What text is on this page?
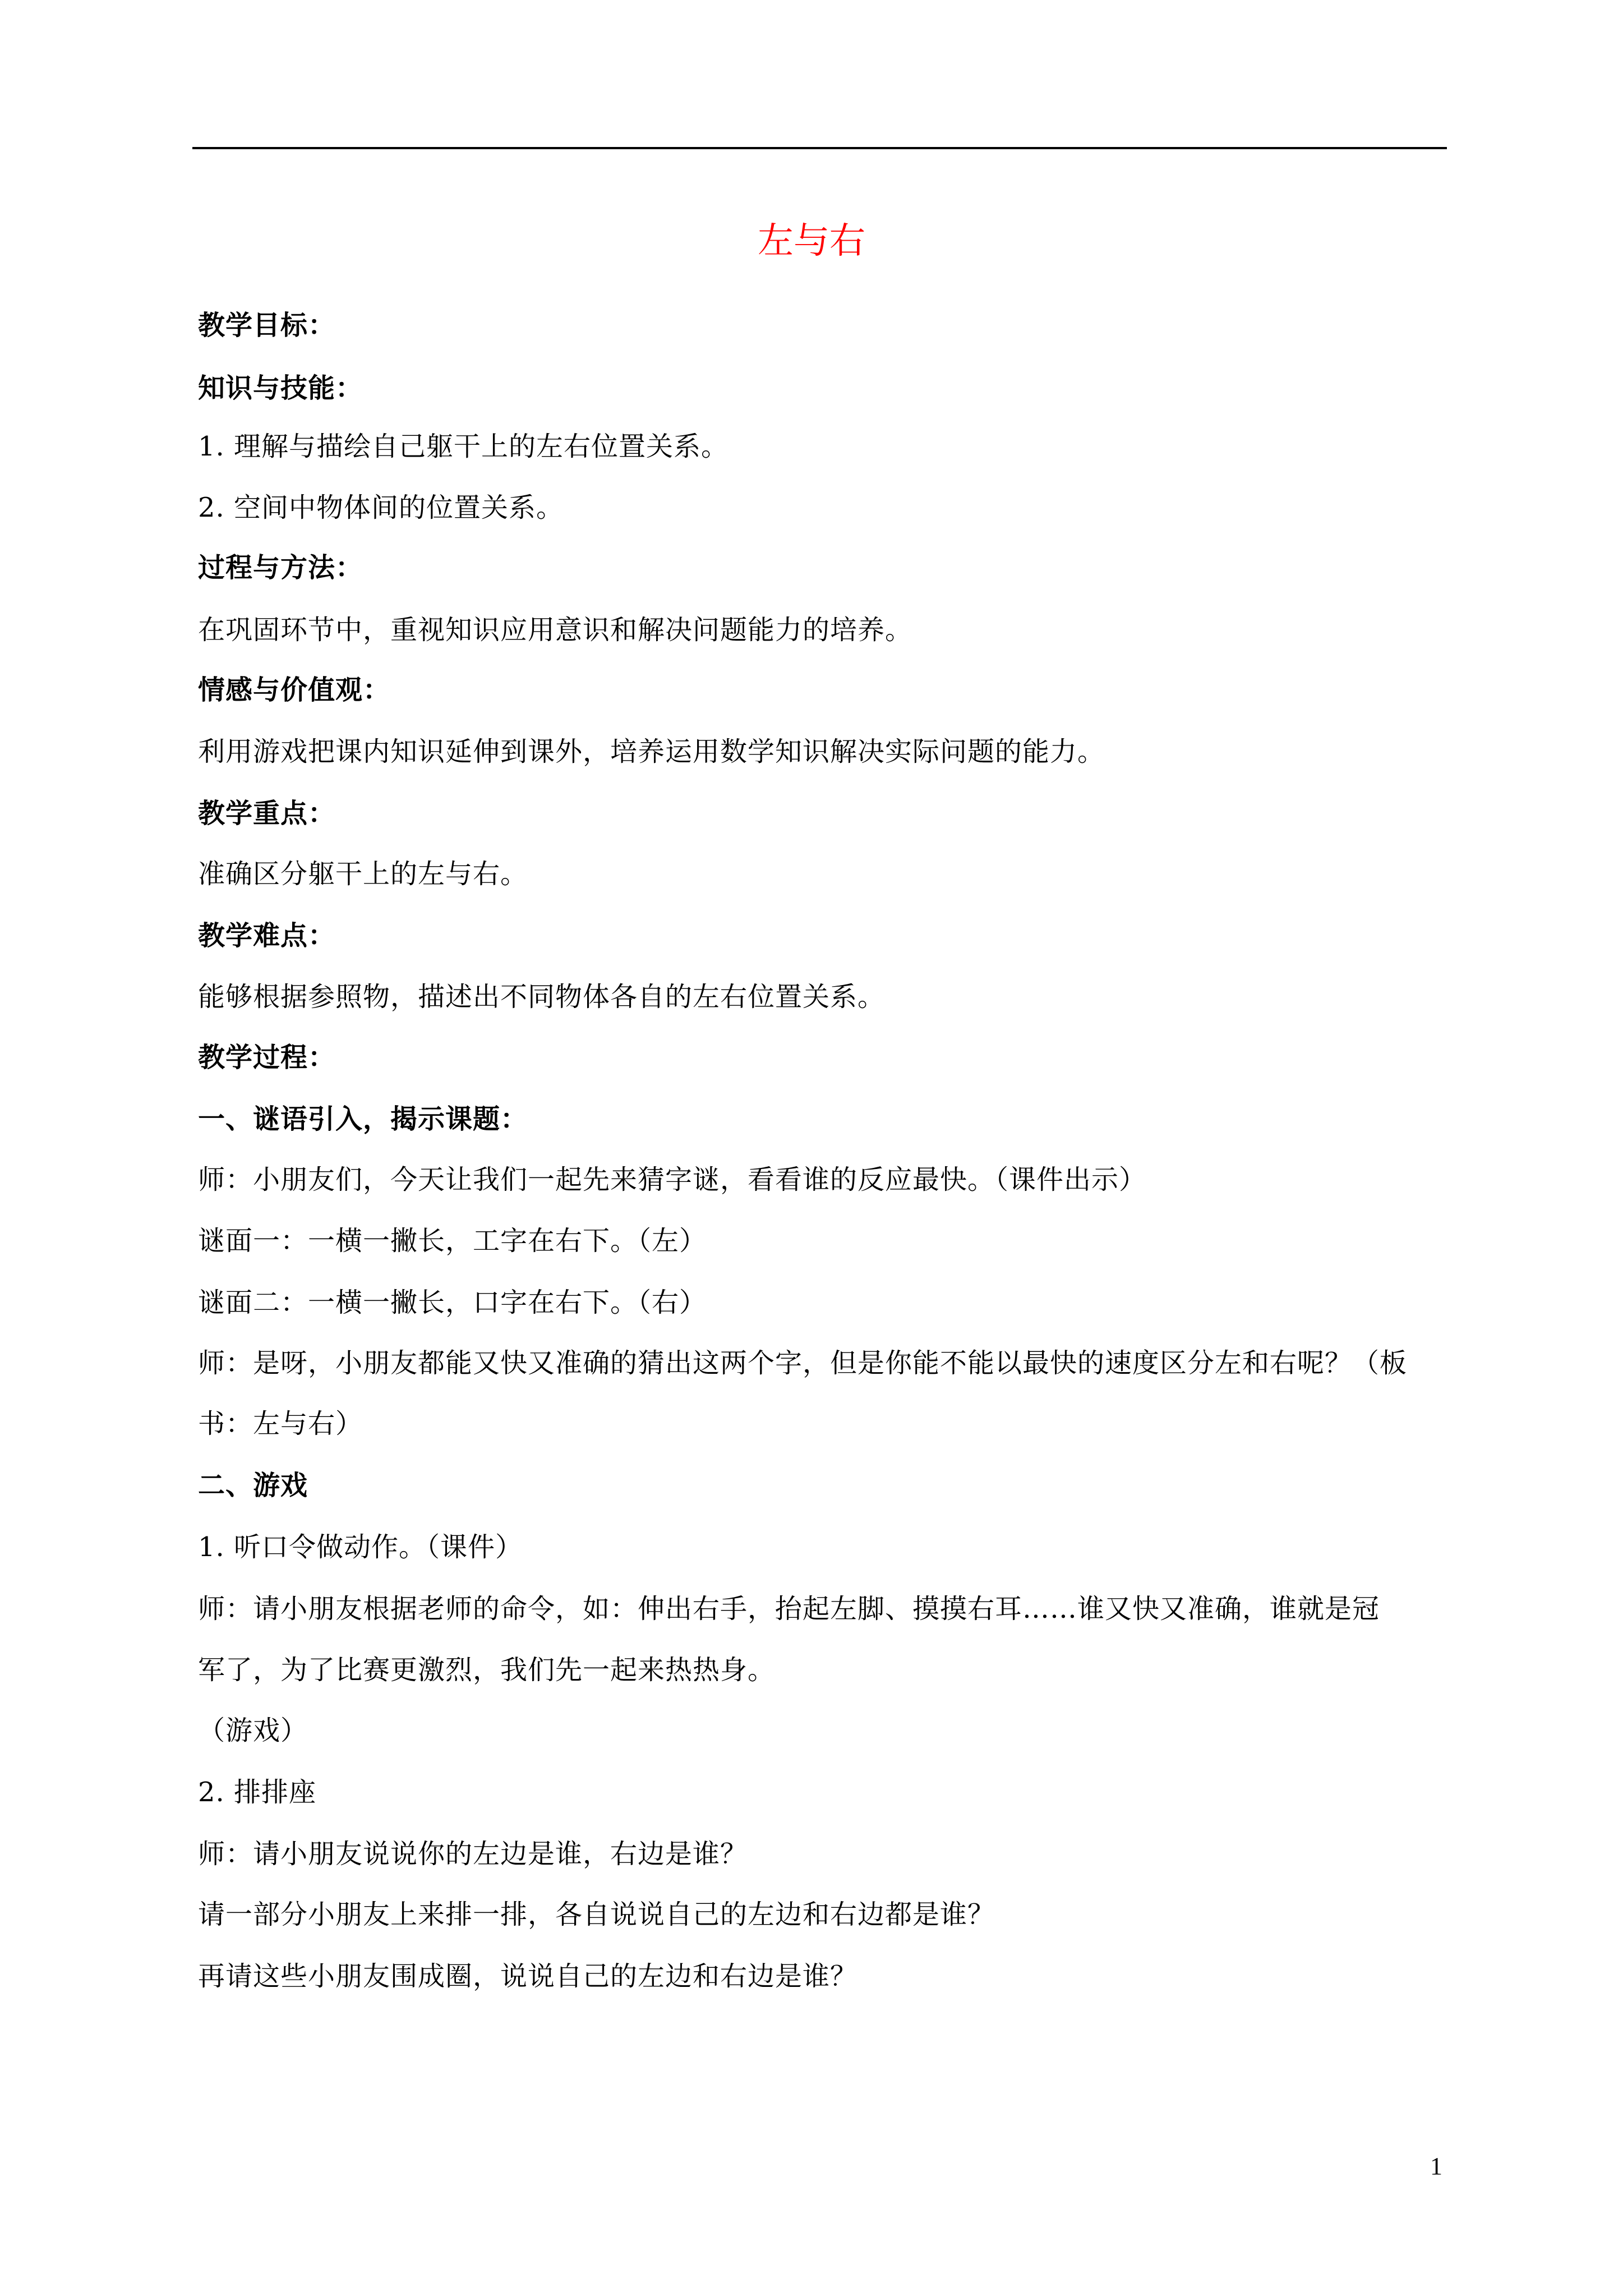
左与右
教学目标：
知识与技能：
1. 理解与描绘自己躯干上的左右位置关系。
2. 空间中物体间的位置关系。
过程与方法：
在巩固环节中，重视知识应用意识和解决问题能力的培养。
情感与价值观：
利用游戏把课内知识延伸到课外，培养运用数学知识解决实际问题的能力。
教学重点：
准确区分躯干上的左与右。
教学难点：
能够根据参照物，描述出不同物体各自的左右位置关系。
教学过程：
一、谜语引入，揭示课题：
师：小朋友们，今天让我们一起先来猜字谜，看看谁的反应最快。（课件出示）
谜面一：一横一撇长，工字在右下。（左）
谜面二：一横一撇长，口字在右下。（右）
师：是呀，小朋友都能又快又准确的猜出这两个字，但是你能不能以最快的速度区分左和右呢？（板
书：左与右）
二、游戏
1. 听口令做动作。（课件）
师：请小朋友根据老师的命令，如：伸出右手，抬起左脚、摸摸右耳……谁又快又准确，谁就是冠
军了，为了比赛更激烈，我们先一起来热热身。
（游戏）
2. 排排座
师：请小朋友说说你的左边是谁，右边是谁？
请一部分小朋友上来排一排，各自说说自己的左边和右边都是谁？
再请这些小朋友围成圈，说说自己的左边和右边是谁？
1
